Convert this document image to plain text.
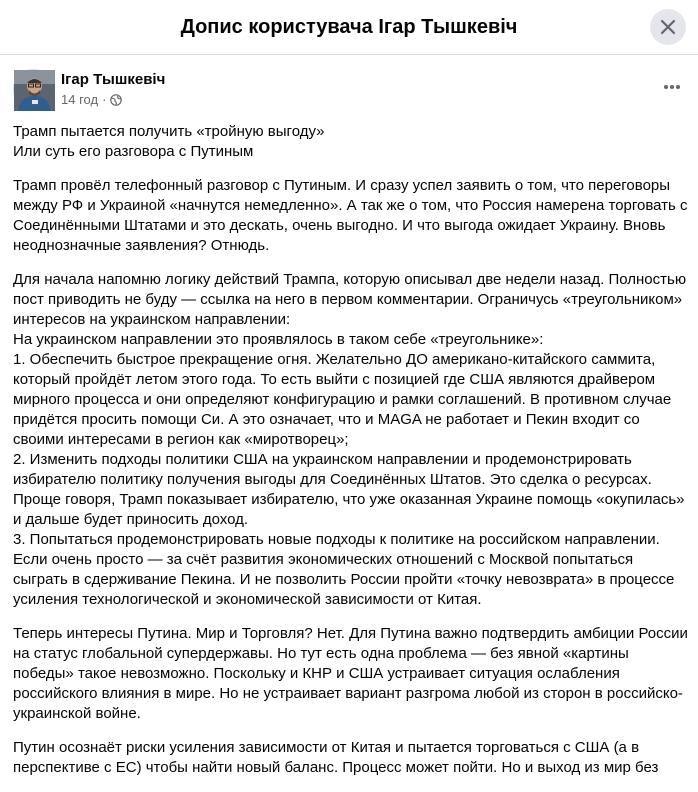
Допис користувача Ігар Тышкевіч
Ігар Тышкевіч
14 год ·

Трамп пытается получить «тройную выгоду»
Или суть его разговора с Путиным

Трамп провёл телефонный разговор с Путиным. И сразу успел заявить о том, что переговоры между РФ и Украиной «начнутся немедленно». А так же о том, что Россия намерена торговать с Соединёнными Штатами и это дескать, очень выгодно. И что выгода ожидает Украину. Вновь неоднозначные заявления? Отнюдь.

Для начала напомню логику действий Трампа, которую описывал две недели назад. Полностью пост приводить не буду — ссылка на него в первом комментарии. Ограничусь «треугольником» интересов на украинском направлении:
На украинском направлении это проявлялось в таком себе «треугольнике»:
1. Обеспечить быстрое прекращение огня. Желательно ДО американо-китайского саммита, который пройдёт летом этого года. То есть выйти с позицией где США являются драйвером мирного процесса и они определяют конфигурацию и рамки соглашений. В противном случае придётся просить помощи Си. А это означает, что и MAGA не работает и Пекин входит со своими интересами в регион как «миротворец»;
2. Изменить подходы политики США на украинском направлении и продемонстрировать избирателю политику получения выгоды для Соединённых Штатов. Это сделка о ресурсах. Проще говоря, Трамп показывает избирателю, что уже оказанная Украине помощь «окупилась» и дальше будет приносить доход.
3. Попытаться продемонстрировать новые подходы к политике на российском направлении. Если очень просто — за счёт развития экономических отношений с Москвой попытаться сыграть в сдерживание Пекина. И не позволить России пройти «точку невозврата» в процессе усиления технологической и экономической зависимости от Китая.

Теперь интересы Путина. Мир и Торговля? Нет. Для Путина важно подтвердить амбиции России на статус глобальной супердержавы. Но тут есть одна проблема — без явной «картины победы» такое невозможно. Поскольку и КНР и США устраивает ситуация ослабления российского влияния в мире. Но не устраивает вариант разгрома любой из сторон в российско-украинской войне.

Путин осознаёт риски усиления зависимости от Китая и пытается торговаться с США (а в перспективе с ЕС) чтобы найти новый баланс. Процесс может пойти. Но и выход из мир без
